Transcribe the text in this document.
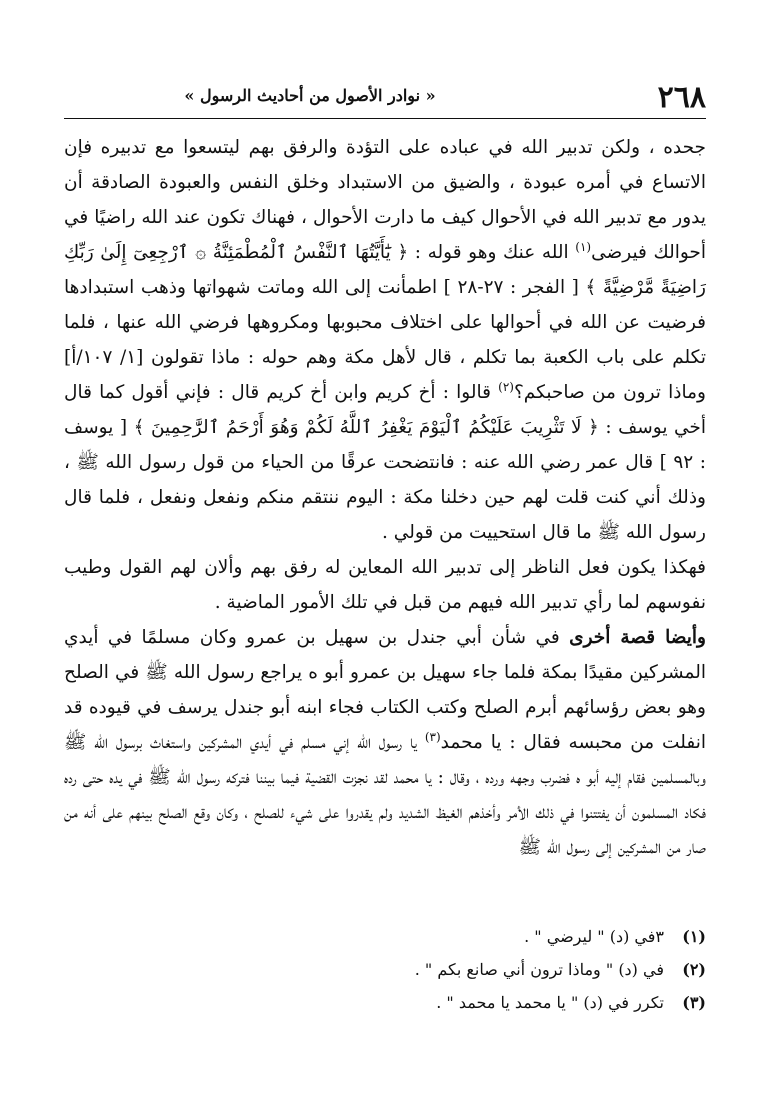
٢٦٨
« نوادر الأصول من أحاديث الرسول »

جحده ، ولكن تدبير الله في عباده على التؤدة والرفق بهم ليتسعوا مع تدبيره فإن الاتساع في أمره عبودة ، والضيق من الاستبداد وخلق النفس والعبودة الصادقة أن يدور مع تدبير الله في الأحوال كيف ما دارت الأحوال ، فهناك تكون عند الله راضيًا في أحوالك فيرضى$^{(١)}$ الله عنك وهو قوله : ﴿ يَٰٓأَيَّتُهَا ٱلنَّفْسُ ٱلْمُطْمَئِنَّةُ ۞ ٱرْجِعِىٓ إِلَىٰ رَبِّكِ رَاضِيَةً مَّرْضِيَّةً ﴾ [ الفجر : ٢٧-٢٨ ] اطمأنت إلى الله وماتت شهواتها وذهب استبدادها فرضيت عن الله في أحوالها على اختلاف محبوبها ومكروهها فرضي الله عنها ، فلما تكلم على باب الكعبة بما تكلم ، قال لأهل مكة وهم حوله : ماذا تقولون [١/ ١٠٧/أ] وماذا ترون من صاحبكم؟$^{(٢)}$ قالوا : أخ كريم وابن أخ كريم قال : فإني أقول كما قال أخي يوسف : ﴿ لَا تَثْرِيبَ عَلَيْكُمُ ٱلْيَوْمَ يَغْفِرُ ٱللَّهُ لَكُمْ وَهُوَ أَرْحَمُ ٱلرَّٰحِمِينَ ﴾ [ يوسف : ٩٢ ] قال عمر رضي الله عنه : فانتضحت عرقًا من الحياء من قول رسول الله ﷺ ، وذلك أني كنت قلت لهم حين دخلنا مكة : اليوم ننتقم منكم ونفعل ونفعل ، فلما قال رسول الله ﷺ ما قال استحييت من قولي .

فهكذا يكون فعل الناظر إلى تدبير الله المعاين له رفق بهم وألان لهم القول وطيب نفوسهم لما رأي تدبير الله فيهم من قبل في تلك الأمور الماضية .

وأيضا قصة أخرى في شأن أبي جندل بن سهيل بن عمرو وكان مسلمًا في أيدي المشركين مقيدًا بمكة فلما جاء سهيل بن عمرو أبو ه يراجع رسول الله ﷺ في الصلح وهو بعض رؤسائهم أبرم الصلح وكتب الكتاب فجاء ابنه أبو جندل يرسف في قيوده قد انفلت من محبسه فقال : يا محمد$^{(٣)}$ يا رسول الله إني مسلم في أيدي المشركين واستغاث برسول الله ﷺ وبالمسلمين فقام إليه أبو ه فضرب وجهه ورده ، وقال : يا محمد لقد نجزت القضية فيما بيننا فتركه رسول الله ﷺ في يده حتى رده فكاد المسلمون أن يفتتنوا في ذلك الأمر وأخذهم الغيظ الشديد ولم يقدروا على شيء للصلح ، وكان وقع الصلح بينهم على أنه من صار من المشركين إلى رسول الله ﷺ

(١)
٣في (د) " ليرضي " .
(٢)
في (د) " وماذا ترون أني صانع بكم " .
(٣)
تكرر في (د) " يا محمد يا محمد " .
